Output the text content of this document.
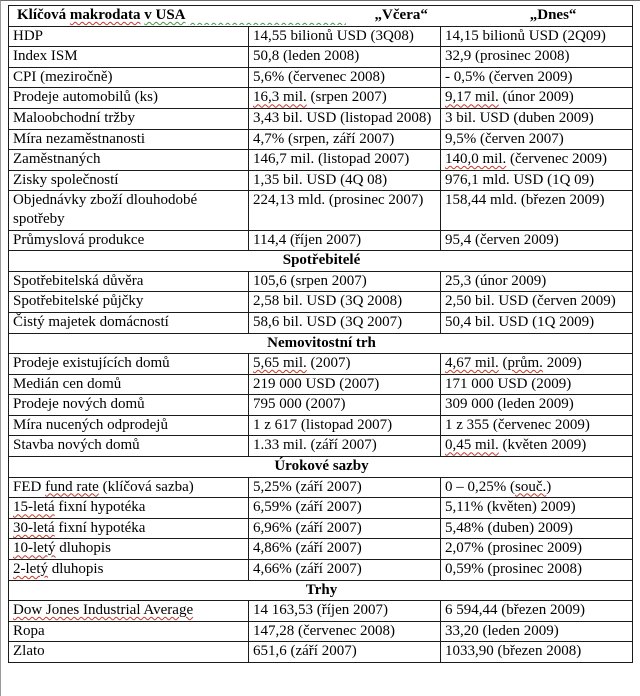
Klíčová makrodata v USA
„Včera“ „Dnes“		

HDP	14,55 bilionů USD (3Q08)	14,15 bilionů USD (2Q09)
Index ISM	50,8 (leden 2008)	32,9 (prosinec 2008)
CPI (meziročně)	5,6% (červenec 2008)	- 0,5% (červen 2009)
Prodeje automobilů (ks)	16,3 mil. (srpen 2007)	9,17 mil. (únor 2009)
Maloobchodní tržby	3,43 bil. USD (listopad 2008)	3 bil. USD (duben 2009)
Míra nezaměstnanosti	4,7% (srpen, září 2007)	9,5% (červen 2007)
Zaměstnaných	146,7 mil. (listopad 2007)	140,0 mil. (červenec 2009)
Zisky společností	1,35 bil. USD (4Q 08)	976,1 mld. USD (1Q 09)
Objednávky zboží dlouhodobé spotřeby	224,13 mld. (prosinec 2007)	158,44 mld. (březen 2009)
Průmyslová produkce	114,4 (říjen 2007)	95,4 (červen 2009)
Spotřebitelé		
Spotřebitelská důvěra	105,6 (srpen 2007)	25,3 (únor 2009)
Spotřebitelské půjčky	2,58 bil. USD (3Q 2008)	2,50 bil. USD (červen 2009)
Čistý majetek domácností	58,6 bil. USD (3Q 2007)	50,4 bil. USD (1Q 2009)
Nemovitostní trh		
Prodeje existujících domů	5,65 mil. (2007)	4,67 mil. (prům. 2009)
Medián cen domů	219 000 USD (2007)	171 000 USD (2009)
Prodeje nových domů	795 000 (2007)	309 000 (leden 2009)
Míra nucených odprodejů	1 z 617 (listopad 2007)	1 z 355 (červenec 2009)
Stavba nových domů	1.33 mil. (září 2007)	0,45 mil. (květen 2009)
Úrokové sazby		
FED fund rate (klíčová sazba)	5,25% (září 2007)	0 – 0,25% (souč.)
15-letá fixní hypotéka	6,59% (září 2007)	5,11% (květen) 2009)
30-letá fixní hypotéka	6,96% (září 2007)	5,48% (duben) 2009)
10-letý dluhopis	4,86% (září 2007)	2,07% (prosinec 2009)
2-letý dluhopis	4,66% (září 2007)	0,59% (prosinec 2008)
Trhy		
Dow Jones Industrial Average	14 163,53 (říjen 2007)	6 594,44 (březen 2009)
Ropa	147,28 (červenec 2008)	33,20 (leden 2009)
Zlato	651,6 (září 2007)	1033,90 (březen 2008)
